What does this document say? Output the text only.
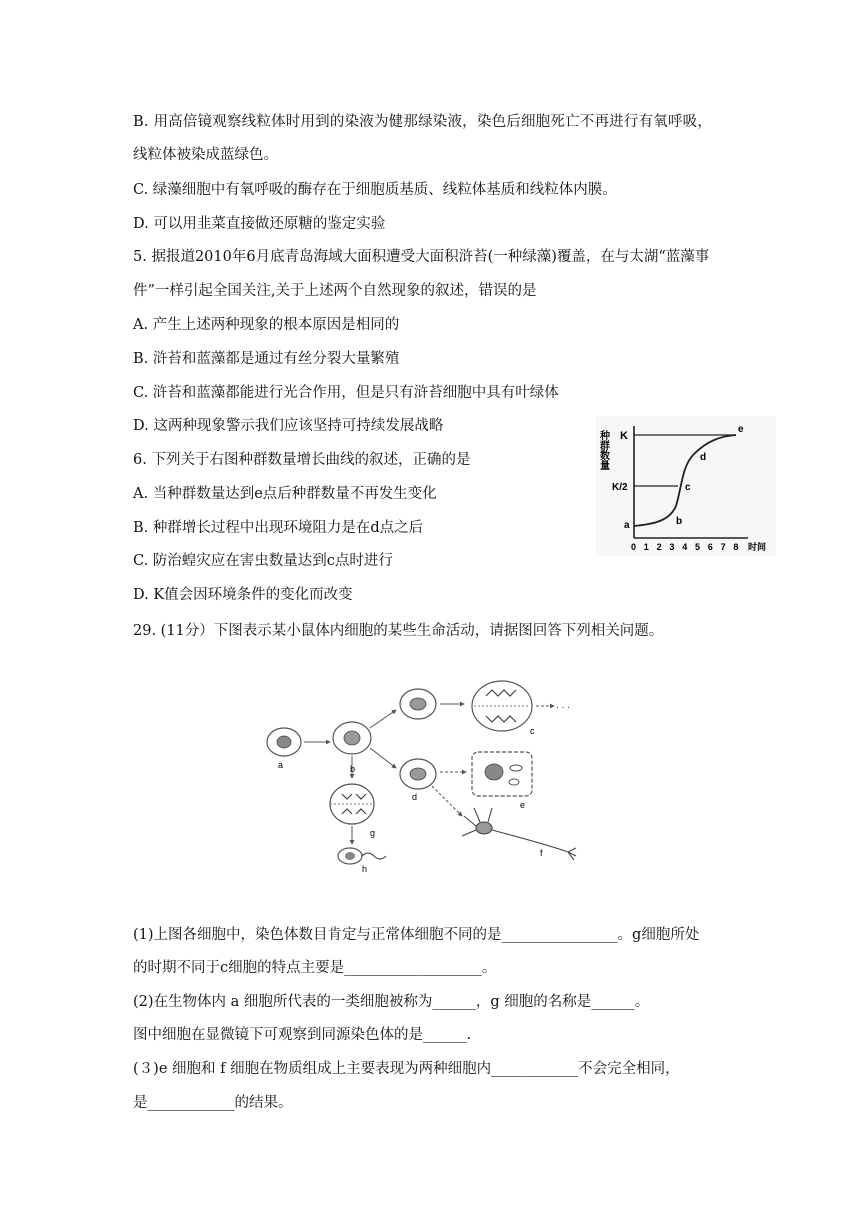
B. 用高倍镜观察线粒体时用到的染液为健那绿染液，染色后细胞死亡不再进行有氧呼吸，
线粒体被染成蓝绿色。
C. 绿藻细胞中有氧呼吸的酶存在于细胞质基质、线粒体基质和线粒体内膜。
D. 可以用韭菜直接做还原糖的鉴定实验
5. 据报道2010年6月底青岛海域大面积遭受大面积浒苔(一种绿藻)覆盖，在与太湖“蓝藻事
件”一样引起全国关注,关于上述两个自然现象的叙述，错误的是
A. 产生上述两种现象的根本原因是相同的
B. 浒苔和蓝藻都是通过有丝分裂大量繁殖
C. 浒苔和蓝藻都能进行光合作用，但是只有浒苔细胞中具有叶绿体
D. 这两种现象警示我们应该坚持可持续发展战略
6. 下列关于右图种群数量增长曲线的叙述，正确的是
A. 当种群数量达到e点后种群数量不再发生变化
B. 种群增长过程中出现环境阻力是在d点之后
C. 防治蝗灾应在害虫数量达到c点时进行
D. K值会因环境条件的变化而改变
29. (11分）下图表示某小鼠体内细胞的某些生命活动，请据图回答下列相关问题。
(1)上图各细胞中，染色体数目肯定与正常体细胞不同的是________________。g细胞所处
的时期不同于c细胞的特点主要是___________________。
(2)在生物体内 a 细胞所代表的一类细胞被称为______，g 细胞的名称是______。
图中细胞在显微镜下可观察到同源染色体的是______.
(３)e 细胞和 f 细胞在物质组成上主要表现为两种细胞内____________不会完全相同，
是____________的结果。
种群数量 K
K/2
a	b
c
d
e
0 1 2 3 4 5 6 7 8 时间
a	b
c
· · ·
d
e
f
g
h
